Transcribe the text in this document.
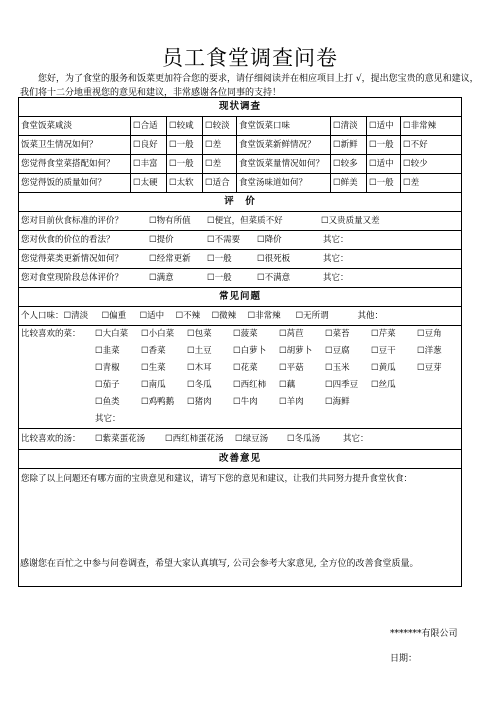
员工食堂调查问卷
您好，为了食堂的服务和饭菜更加符合您的要求，请仔细阅读并在相应项目上打 √，提出您宝贵的意见和建议，我们将十二分地重视您的意见和建议，非常感谢各位同事的支持！
现状调查
食堂饭菜咸淡	☐合适	☐较咸	☐较淡	食堂饭菜口味	☐清淡	☐适中	☐非常辣
饭菜卫生情况如何？	☐良好	☐一般	☐差	食堂饭菜新鲜情况？	☐新鲜	☐一般	☐不好
您觉得食堂菜搭配如何？	☐丰富	☐一般	☐差	食堂饭菜量情况如何？	☐较多	☐适中	☐较少
您觉得饭的质量如何？	☐太硬	☐太软	☐适合	食堂汤味道如何？	☐鲜美	☐一般	☐差
评　价
您对目前伙食标准的评价？	☐物有所值	☐便宜，但菜质不好	☐又贵质量又差
您对伙食的价位的看法？	☐提价	☐不需要	☐降价	其它：
您觉得菜类更新情况如何？	☐经常更新	☐一般	☐很死板	其它：
您对食堂现阶段总体评价？	☐满意	☐一般	☐不满意	其它：
常见问题
个人口味： ☐清淡	☐偏重	☐适中	☐不辣	☐微辣	☐非常辣	☐无所谓	其他：
比较喜欢的菜：	☐大白菜	☐小白菜	☐包菜	☐菠菜	☐莴苣	☐菜苔	☐芹菜	☐豆角
☐韭菜	☐香菜	☐土豆	☐白萝卜	☐胡萝卜	☐豆腐	☐豆干	☐洋葱
☐青椒	☐生菜	☐木耳	☐花菜	☐平菇	☐玉米	☐黄瓜	☐豆芽
☐茄子	☐南瓜	☐冬瓜	☐西红柿	☐藕	☐四季豆	☐丝瓜
☐鱼类	☐鸡鸭鹅	☐猪肉	☐牛肉	☐羊肉	☐海鲜
其它：
比较喜欢的汤：	☐紫菜蛋花汤	☐西红柿蛋花汤	☐绿豆汤	☐冬瓜汤	其它：
改善意见
您除了以上问题还有哪方面的宝贵意见和建议，请写下您的意见和建议，让我们共同努力提升食堂伙食：
感谢您在百忙之中参与问卷调查，希望大家认真填写, 公司会参考大家意见, 全方位的改善食堂质量。
*******有限公司
日期：
